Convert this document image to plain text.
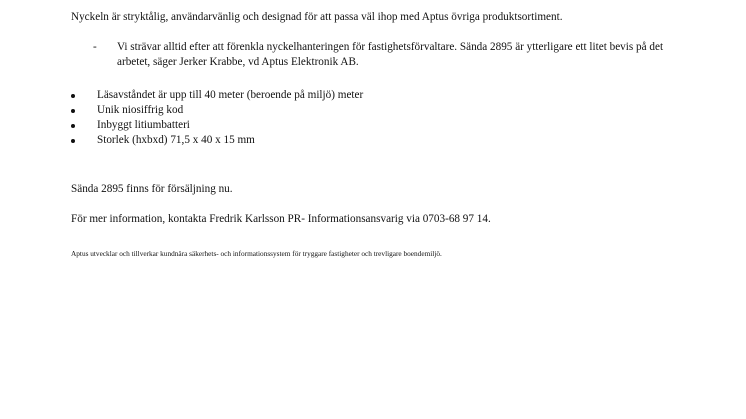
Nyckeln är stryktålig, användarvänlig och designad för att passa väl ihop med Aptus övriga produktsortiment.

- Vi strävar alltid efter att förenkla nyckelhanteringen för fastighetsförvaltare. Sända 2895 är ytterligare ett litet bevis på det arbetet, säger Jerker Krabbe, vd Aptus Elektronik AB.
Läsavståndet är upp till 40 meter (beroende på miljö) meter
Unik niosiffrig kod
Inbyggt litiumbatteri
Storlek (hxbxd) 71,5 x 40 x 15 mm

Sända 2895 finns för försäljning nu.

För mer information, kontakta Fredrik Karlsson PR- Informationsansvarig via 0703-68 97 14.

Aptus utvecklar och tillverkar kundnära säkerhets- och informationssystem för tryggare fastigheter och trevligare boendemiljö.
